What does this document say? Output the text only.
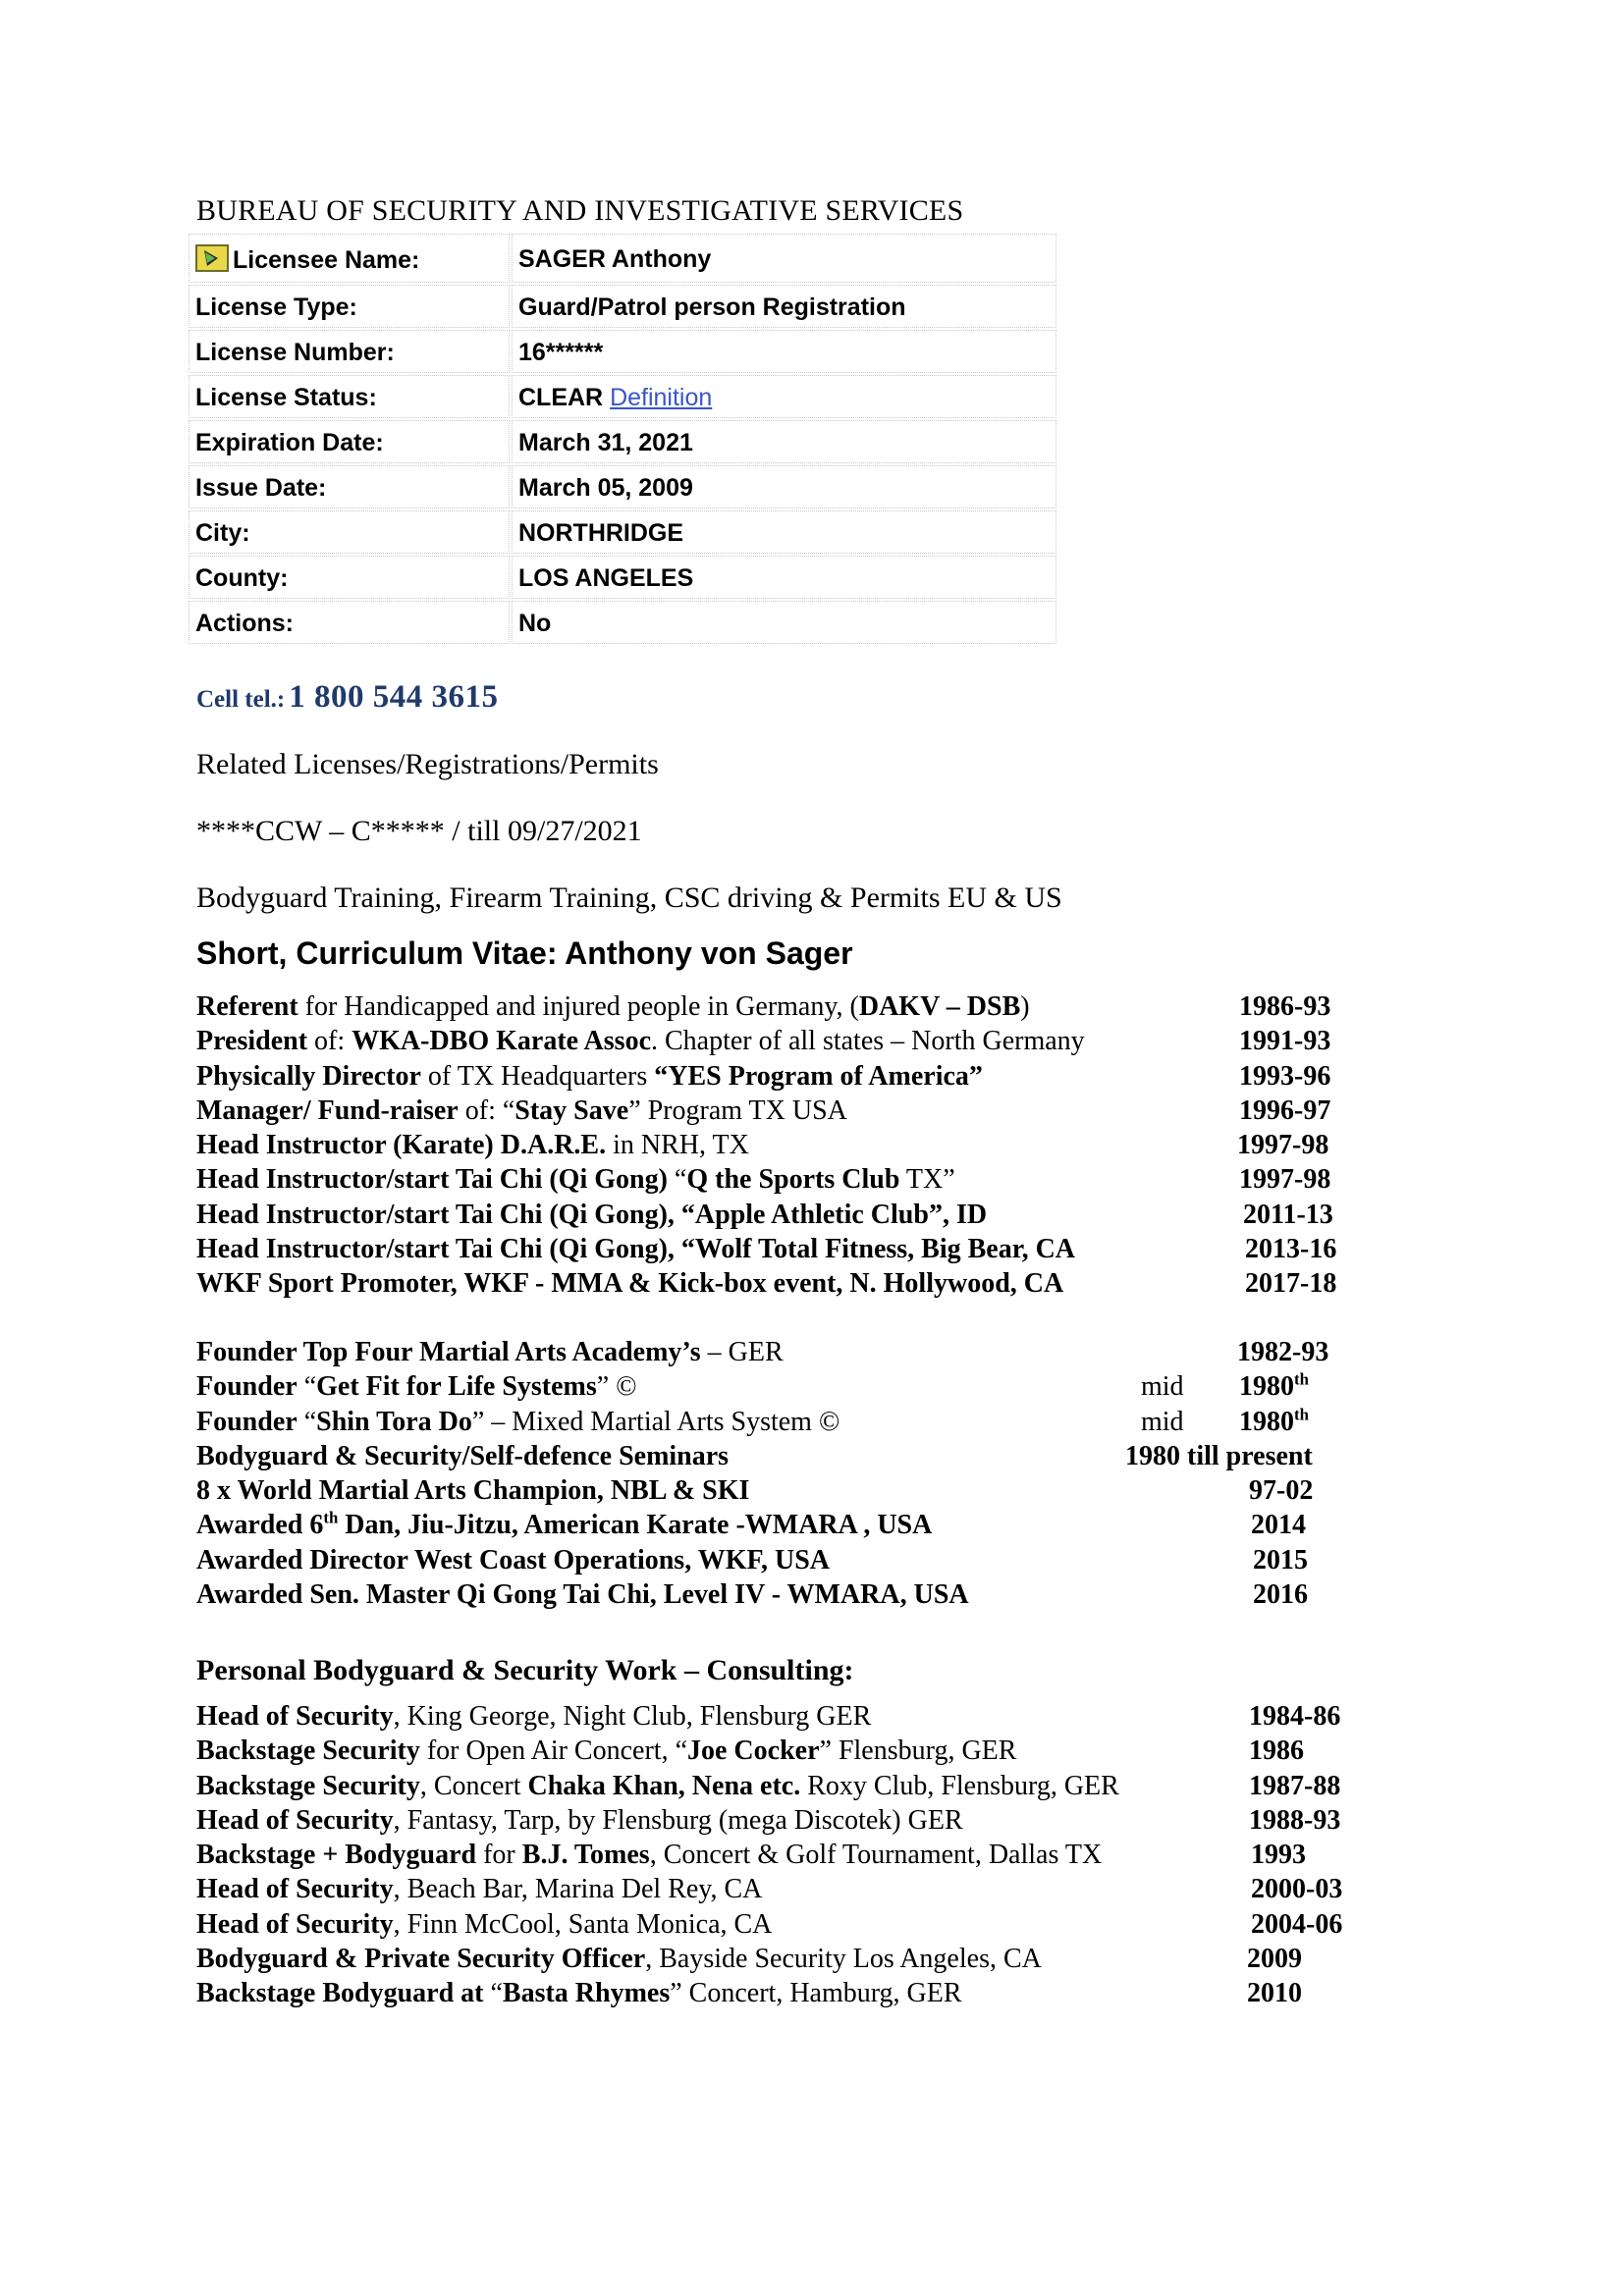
BUREAU OF SECURITY AND INVESTIGATIVE SERVICES
Licensee Name:	SAGER Anthony
License Type:	Guard/Patrol person Registration
License Number:	16******
License Status:	CLEAR Definition
Expiration Date:	March 31, 2021
Issue Date:	March 05, 2009
City:	NORTHRIDGE
County:	LOS ANGELES
Actions:	No
Cell tel.: 1 800 544 3615
Related Licenses/Registrations/Permits
****CCW – C***** / till 09/27/2021
Bodyguard Training, Firearm Training, CSC driving & Permits EU & US
Short, Curriculum Vitae: Anthony von Sager
Referent for Handicapped and injured people in Germany, (DAKV – DSB)	1986-93
President of: WKA-DBO Karate Assoc. Chapter of all states – North Germany	1991-93
Physically Director of TX Headquarters “YES Program of America”	1993-96
Manager/ Fund-raiser of: “Stay Save” Program TX USA	1996-97
Head Instructor (Karate) D.A.R.E. in NRH, TX	1997-98
Head Instructor/start Tai Chi (Qi Gong) “Q the Sports Club TX”	1997-98
Head Instructor/start Tai Chi (Qi Gong), “Apple Athletic Club”, ID	2011-13
Head Instructor/start Tai Chi (Qi Gong), “Wolf Total Fitness, Big Bear, CA	2013-16
WKF Sport Promoter, WKF - MMA & Kick-box event, N. Hollywood, CA	2017-18
Founder Top Four Martial Arts Academy’s – GER	1982-93
Founder “Get Fit for Life Systems” ©	mid 1980th
Founder “Shin Tora Do” – Mixed Martial Arts System ©	mid 1980th
Bodyguard & Security/Self-defence Seminars	1980 till present
8 x World Martial Arts Champion, NBL & SKI	97-02
Awarded 6th Dan, Jiu-Jitzu, American Karate -WMARA , USA	2014
Awarded Director West Coast Operations, WKF, USA	2015
Awarded Sen. Master Qi Gong Tai Chi, Level IV - WMARA, USA	2016
Personal Bodyguard & Security Work – Consulting:
Head of Security, King George, Night Club, Flensburg GER	1984-86
Backstage Security for Open Air Concert, “Joe Cocker” Flensburg, GER	1986
Backstage Security, Concert Chaka Khan, Nena etc. Roxy Club, Flensburg, GER	1987-88
Head of Security, Fantasy, Tarp, by Flensburg (mega Discotek) GER	1988-93
Backstage + Bodyguard for B.J. Tomes, Concert & Golf Tournament, Dallas TX	1993
Head of Security, Beach Bar, Marina Del Rey, CA	2000-03
Head of Security, Finn McCool, Santa Monica, CA	2004-06
Bodyguard & Private Security Officer, Bayside Security Los Angeles, CA	2009
Backstage Bodyguard at “Basta Rhymes” Concert, Hamburg, GER	2010
